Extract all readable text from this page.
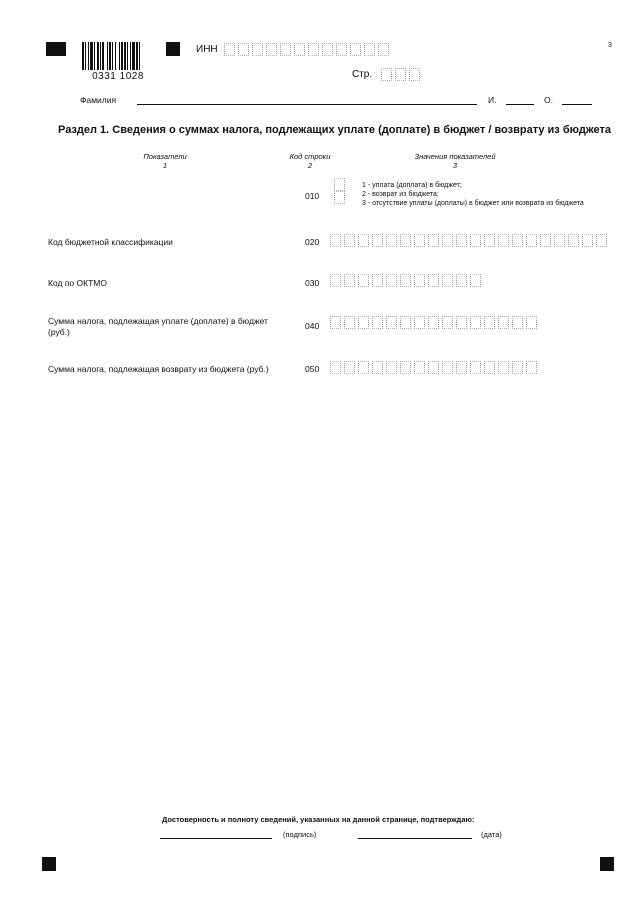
0331 1028
ИНН	3
Стр.
Фамилия	И.	О.
Раздел 1. Сведения о суммах налога, подлежащих уплате (доплате) в бюджет / возврату из бюджета
Показатели
1
Код строки
2
Значения показателей
3
010
1 - уплата (доплата) в бюджет;
2 - возврат из бюджета;
3 - отсутствие уплаты (доплаты) в бюджет или возврата из бюджета
Код бюджетной классификации	020
Код по ОКТМО	030
Сумма налога, подлежащая уплате (доплате) в бюджет
(руб.)
040
Сумма налога, подлежащая возврату из бюджета (руб.)	050
Достоверность и полноту сведений, указанных на данной странице, подтверждаю:
(подпись)	(дата)
